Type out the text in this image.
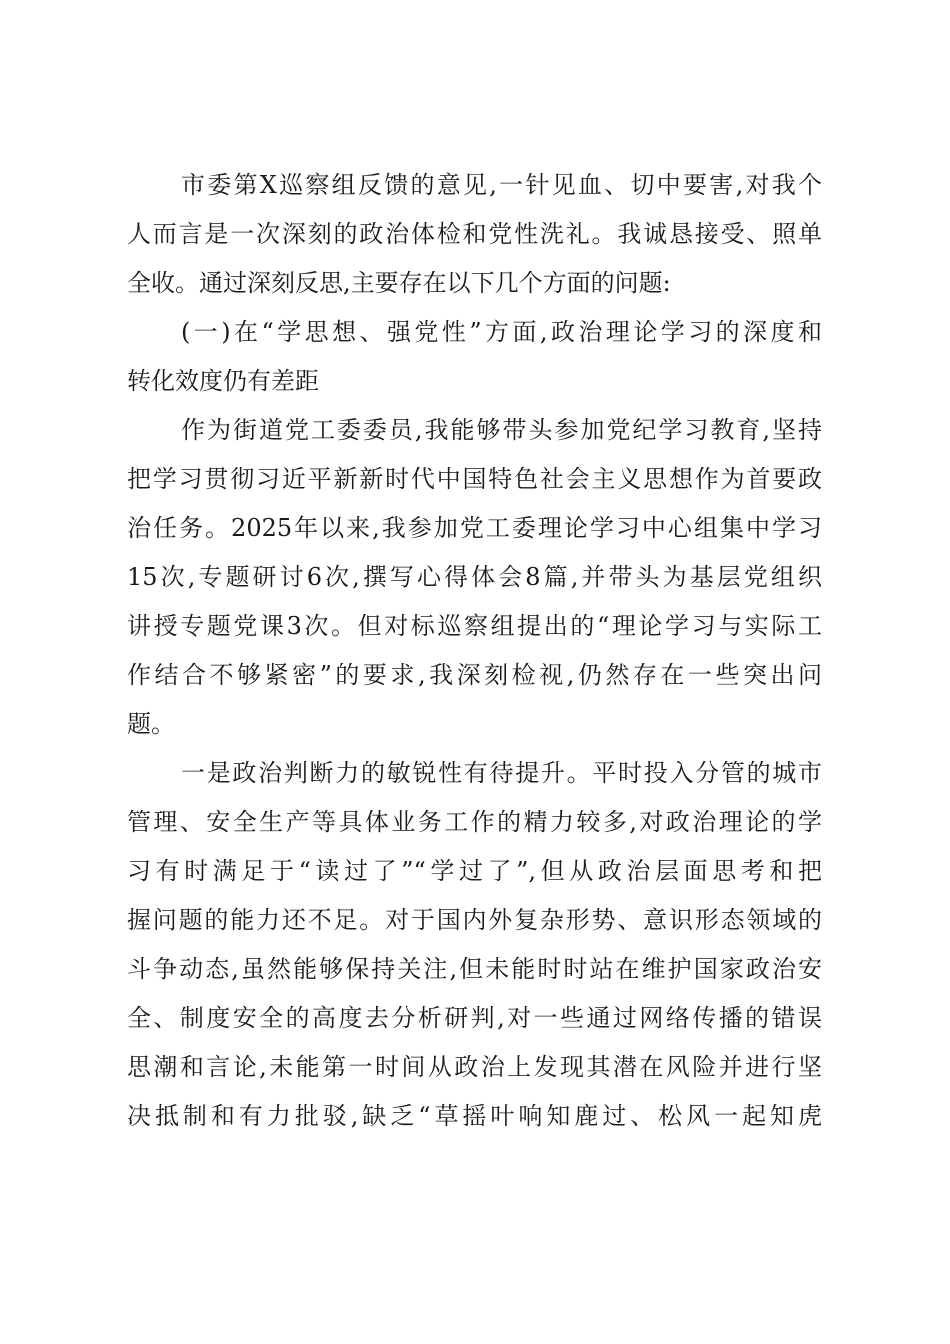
市委第X巡察组反馈的意见,一针见血、切中要害,对我个
人而言是一次深刻的政治体检和党性洗礼。我诚恳接受、照单
全收。通过深刻反思,主要存在以下几个方面的问题:
(一)在“学思想、强党性”方面,政治理论学习的深度和
转化效度仍有差距
作为街道党工委委员,我能够带头参加党纪学习教育,坚持
把学习贯彻习近平新新时代中国特色社会主义思想作为首要政
治任务。2025年以来,我参加党工委理论学习中心组集中学习
15次,专题研讨6次,撰写心得体会8篇,并带头为基层党组织
讲授专题党课3次。但对标巡察组提出的“理论学习与实际工
作结合不够紧密”的要求,我深刻检视,仍然存在一些突出问
题。
一是政治判断力的敏锐性有待提升。平时投入分管的城市
管理、安全生产等具体业务工作的精力较多,对政治理论的学
习有时满足于“读过了”“学过了”,但从政治层面思考和把
握问题的能力还不足。对于国内外复杂形势、意识形态领域的
斗争动态,虽然能够保持关注,但未能时时站在维护国家政治安
全、制度安全的高度去分析研判,对一些通过网络传播的错误
思潮和言论,未能第一时间从政治上发现其潜在风险并进行坚
决抵制和有力批驳,缺乏“草摇叶响知鹿过、松风一起知虎
